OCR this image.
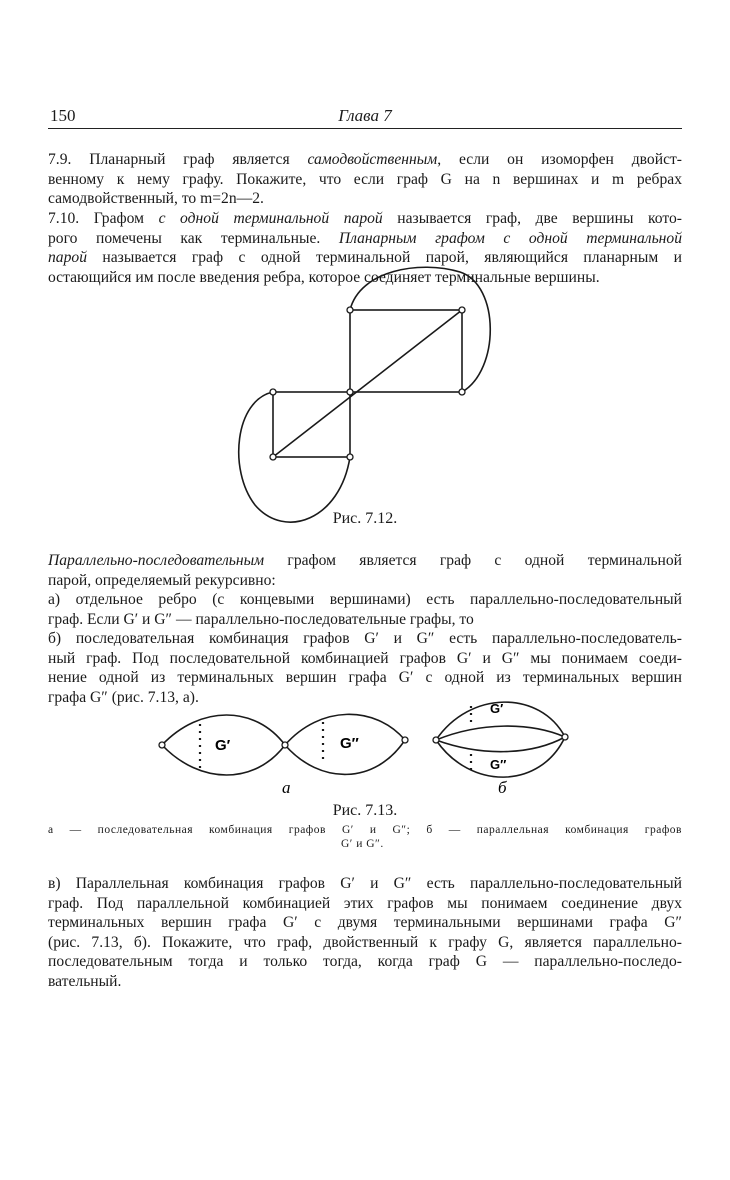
150	Глава 7
7.9. Планарный граф является самодвойственным, если он изоморфен двойст-
венному к нему графу. Покажите, что если граф G на n вершинах и m ребрах
самодвойственный, то m=2n—2.
7.10. Графом с одной терминальной парой называется граф, две вершины кото-
рого помечены как терминальные. Планарным графом с одной терминальной
парой называется граф с одной терминальной парой, являющийся планарным и
остающийся им после введения ребра, которое соединяет терминальные вершины.
Рис. 7.12.
Параллельно-последовательным графом является граф с одной терминальной
парой, определяемый рекурсивно:
а) отдельное ребро (с концевыми вершинами) есть параллельно-последовательный
граф. Если G′ и G″ — параллельно-последовательные графы, то
б) последовательная комбинация графов G′ и G″ есть параллельно-последователь-
ный граф. Под последовательной комбинацией графов G′ и G″ мы понимаем соеди-
нение одной из терминальных вершин графа G′ с одной из терминальных вершин
графа G″ (рис. 7.13, а).
G′	G″
G′
G″
а	б
Рис. 7.13.
а — последовательная комбинация графов G′ и G″; б — параллельная комбинация графов
G′ и G″.
в) Параллельная комбинация графов G′ и G″ есть параллельно-последовательный
граф. Под параллельной комбинацией этих графов мы понимаем соединение двух
терминальных вершин графа G′ с двумя терминальными вершинами графа G″
(рис. 7.13, б). Покажите, что граф, двойственный к графу G, является параллельно-
последовательным тогда и только тогда, когда граф G — параллельно-последо-
вательный.
